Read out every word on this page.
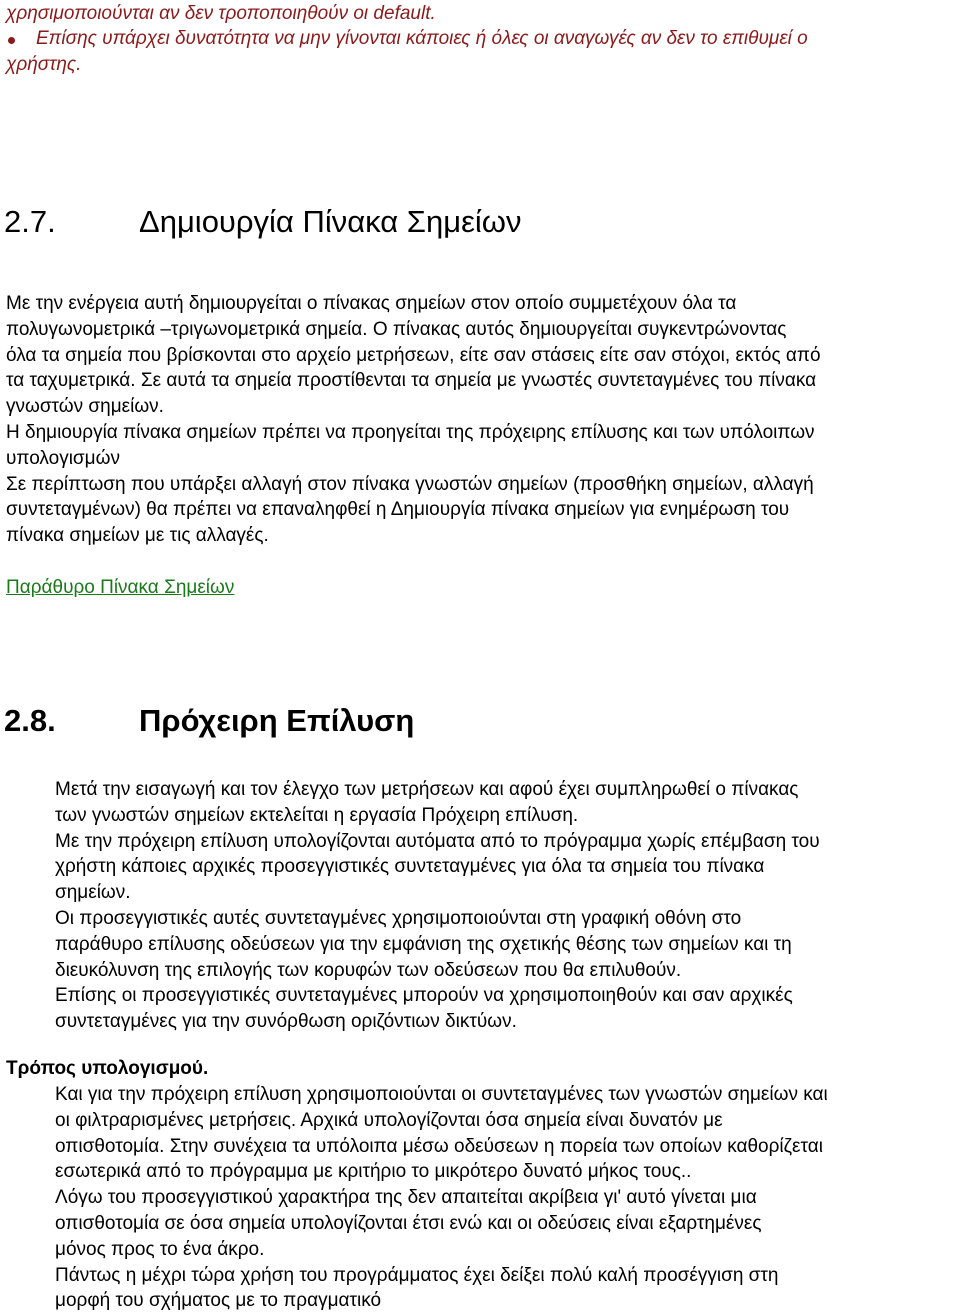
χρησιμοποιούνται αν δεν τροποποιηθούν οι default.
Επίσης υπάρχει δυνατότητα να μην γίνονται κάποιες ή όλες οι αναγωγές αν δεν το επιθυμεί ο
χρήστης.
2.7.	Δημιουργία Πίνακα Σημείων
Με την ενέργεια αυτή δημιουργείται ο πίνακας σημείων στον οποίο συμμετέχουν όλα τα
πολυγωνομετρικά –τριγωνομετρικά σημεία. Ο πίνακας αυτός δημιουργείται συγκεντρώνοντας
όλα τα σημεία που βρίσκονται στο αρχείο μετρήσεων, είτε σαν στάσεις είτε σαν στόχοι, εκτός από
τα ταχυμετρικά. Σε αυτά τα σημεία προστίθενται τα σημεία με γνωστές συντεταγμένες του πίνακα
γνωστών σημείων.
Η δημιουργία πίνακα σημείων πρέπει να προηγείται της πρόχειρης επίλυσης και των υπόλοιπων
υπολογισμών
Σε περίπτωση που υπάρξει αλλαγή στον πίνακα γνωστών σημείων (προσθήκη σημείων, αλλαγή
συντεταγμένων) θα πρέπει να επαναληφθεί η Δημιουργία πίνακα σημείων για ενημέρωση του
πίνακα σημείων με τις αλλαγές.
Παράθυρο Πίνακα Σημείων
2.8.	Πρόχειρη Επίλυση
Μετά την εισαγωγή και τον έλεγχο των μετρήσεων και αφού έχει συμπληρωθεί ο πίνακας
των γνωστών σημείων εκτελείται η εργασία Πρόχειρη επίλυση.
Με την πρόχειρη επίλυση υπολογίζονται αυτόματα από το πρόγραμμα χωρίς επέμβαση του
χρήστη κάποιες αρχικές προσεγγιστικές συντεταγμένες για όλα τα σημεία του πίνακα
σημείων.
Οι προσεγγιστικές αυτές συντεταγμένες χρησιμοποιούνται στη γραφική οθόνη στο
παράθυρο επίλυσης οδεύσεων για την εμφάνιση της σχετικής θέσης των σημείων και τη
διευκόλυνση της επιλογής των κορυφών των οδεύσεων που θα επιλυθούν.
Επίσης οι προσεγγιστικές συντεταγμένες μπορούν να χρησιμοποιηθούν και σαν αρχικές
συντεταγμένες για την συνόρθωση οριζόντιων δικτύων.

Τρόπος υπολογισμού.

Και για την πρόχειρη επίλυση χρησιμοποιούνται οι συντεταγμένες των γνωστών σημείων και
οι φιλτραρισμένες μετρήσεις. Αρχικά υπολογίζονται όσα σημεία είναι δυνατόν με
οπισθοτομία. Στην συνέχεια τα υπόλοιπα μέσω οδεύσεων η πορεία των οποίων καθορίζεται
εσωτερικά από το πρόγραμμα με κριτήριο το μικρότερο δυνατό μήκος τους..
Λόγω του προσεγγιστικού χαρακτήρα της δεν απαιτείται ακρίβεια γι' αυτό γίνεται μια
οπισθοτομία σε όσα σημεία υπολογίζονται έτσι ενώ και οι οδεύσεις είναι εξαρτημένες
μόνος προς το ένα άκρο.
Πάντως η μέχρι τώρα χρήση του προγράμματος έχει δείξει πολύ καλή προσέγγιση στη
μορφή του σχήματος με το πραγματικό
